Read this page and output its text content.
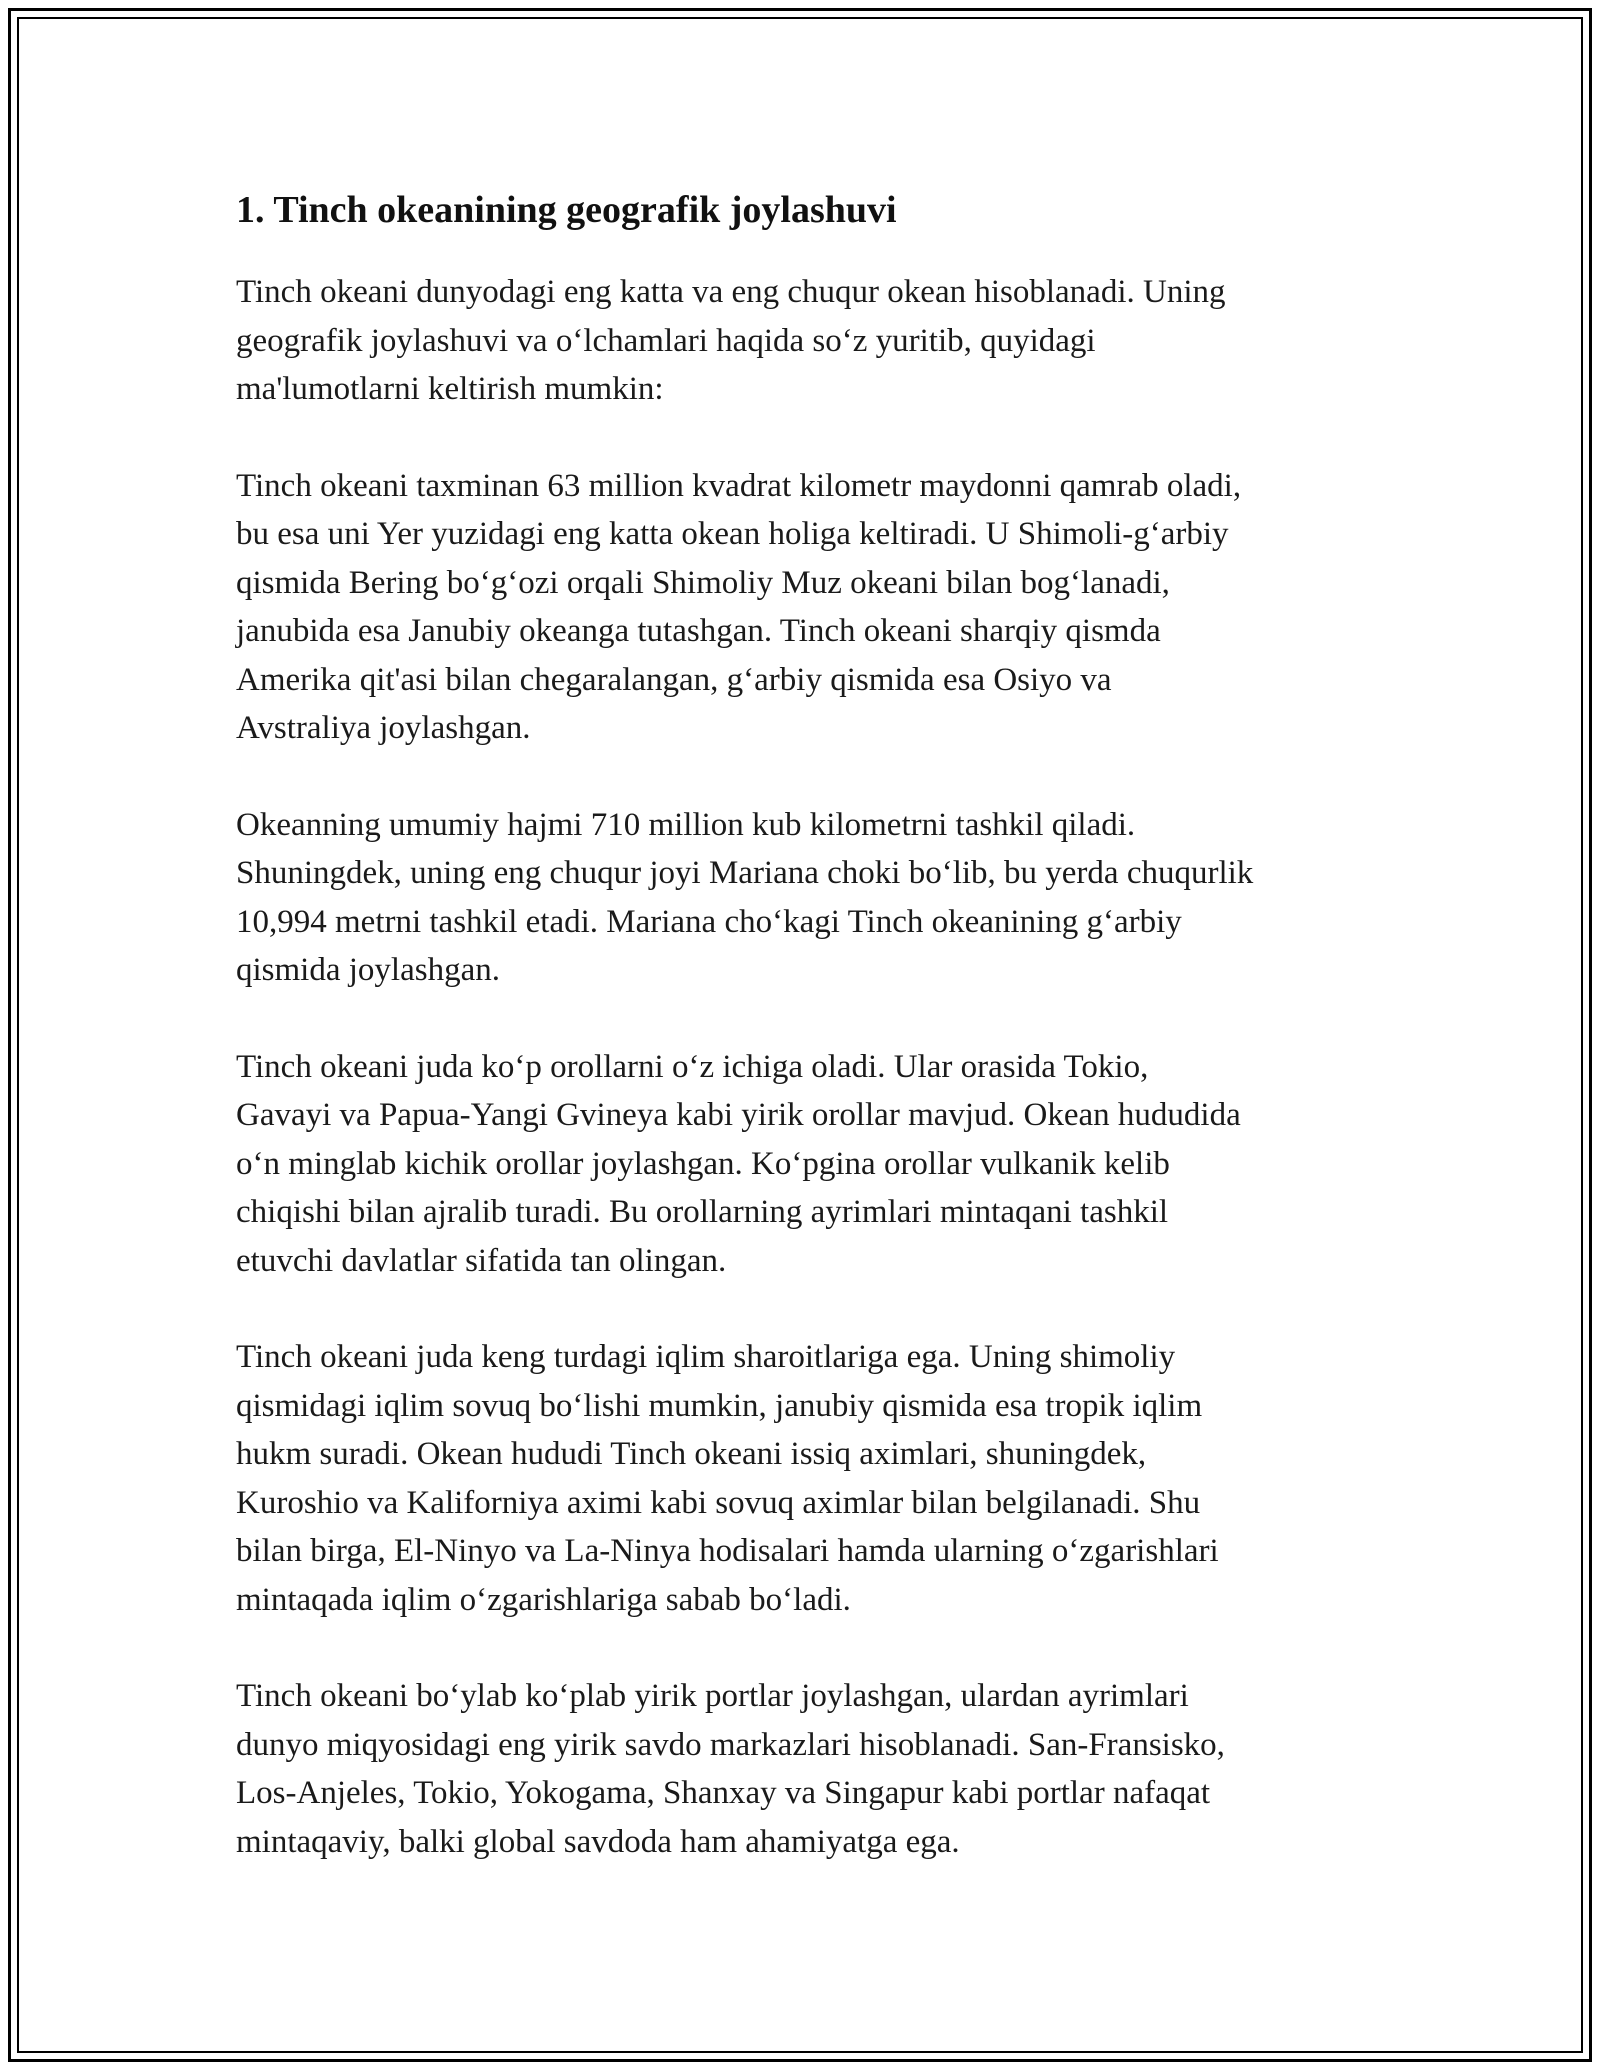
1. Tinch okeanining geografik joylashuvi

Tinch okeani dunyodagi eng katta va eng chuqur okean hisoblanadi. Uning
geografik joylashuvi va o‘lchamlari haqida so‘z yuritib, quyidagi
ma'lumotlarni keltirish mumkin:

Tinch okeani taxminan 63 million kvadrat kilometr maydonni qamrab oladi,
bu esa uni Yer yuzidagi eng katta okean holiga keltiradi. U Shimoli-g‘arbiy
qismida Bering bo‘g‘ozi orqali Shimoliy Muz okeani bilan bog‘lanadi,
janubida esa Janubiy okeanga tutashgan. Tinch okeani sharqiy qismda
Amerika qit'asi bilan chegaralangan, g‘arbiy qismida esa Osiyo va
Avstraliya joylashgan.

Okeanning umumiy hajmi 710 million kub kilometrni tashkil qiladi.
Shuningdek, uning eng chuqur joyi Mariana choki bo‘lib, bu yerda chuqurlik
10,994 metrni tashkil etadi. Mariana cho‘kagi Tinch okeanining g‘arbiy
qismida joylashgan.

Tinch okeani juda ko‘p orollarni o‘z ichiga oladi. Ular orasida Tokio,
Gavayi va Papua-Yangi Gvineya kabi yirik orollar mavjud. Okean hududida
o‘n minglab kichik orollar joylashgan. Ko‘pgina orollar vulkanik kelib
chiqishi bilan ajralib turadi. Bu orollarning ayrimlari mintaqani tashkil
etuvchi davlatlar sifatida tan olingan.

Tinch okeani juda keng turdagi iqlim sharoitlariga ega. Uning shimoliy
qismidagi iqlim sovuq bo‘lishi mumkin, janubiy qismida esa tropik iqlim
hukm suradi. Okean hududi Tinch okeani issiq aximlari, shuningdek,
Kuroshio va Kaliforniya aximi kabi sovuq aximlar bilan belgilanadi. Shu
bilan birga, El-Ninyo va La-Ninya hodisalari hamda ularning o‘zgarishlari
mintaqada iqlim o‘zgarishlariga sabab bo‘ladi.

Tinch okeani bo‘ylab ko‘plab yirik portlar joylashgan, ulardan ayrimlari
dunyo miqyosidagi eng yirik savdo markazlari hisoblanadi. San-Fransisko,
Los-Anjeles, Tokio, Yokogama, Shanxay va Singapur kabi portlar nafaqat
mintaqaviy, balki global savdoda ham ahamiyatga ega.
